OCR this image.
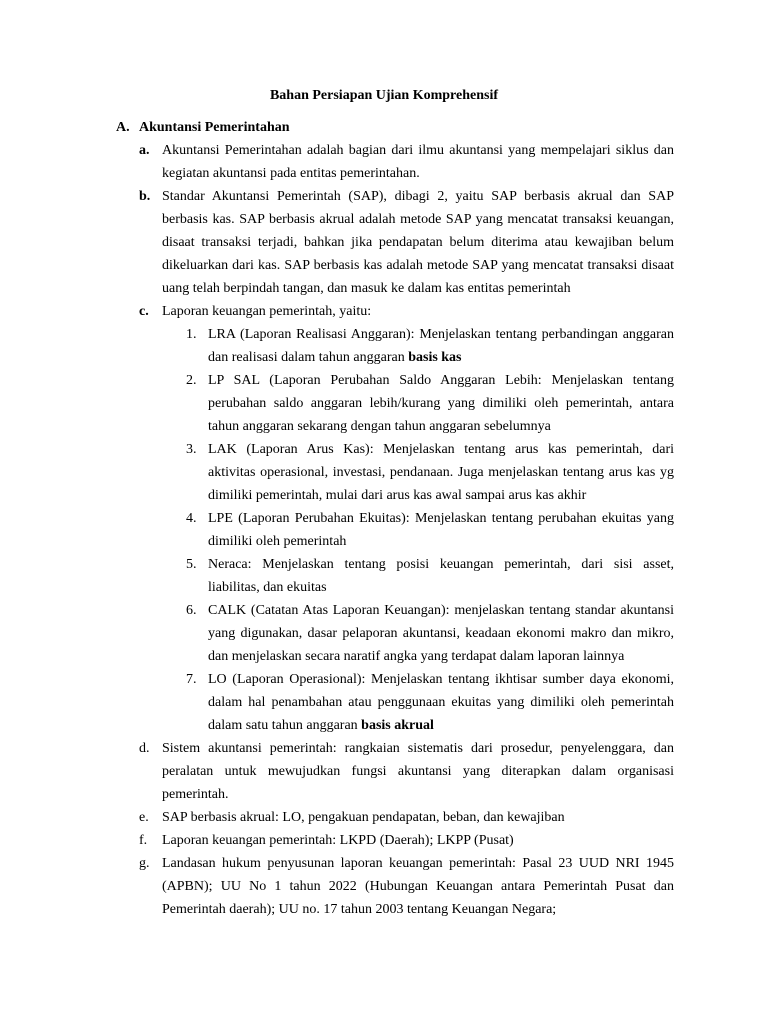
Bahan Persiapan Ujian Komprehensif
A. Akuntansi Pemerintahan
a. Akuntansi Pemerintahan adalah bagian dari ilmu akuntansi yang mempelajari siklus dan
kegiatan akuntansi pada entitas pemerintahan.
b. Standar Akuntansi Pemerintah (SAP), dibagi 2, yaitu SAP berbasis akrual dan SAP
berbasis kas. SAP berbasis akrual adalah metode SAP yang mencatat transaksi keuangan,
disaat transaksi terjadi, bahkan jika pendapatan belum diterima atau kewajiban belum
dikeluarkan dari kas. SAP berbasis kas adalah metode SAP yang mencatat transaksi disaat
uang telah berpindah tangan, dan masuk ke dalam kas entitas pemerintah
c. Laporan keuangan pemerintah, yaitu:
1. LRA (Laporan Realisasi Anggaran): Menjelaskan tentang perbandingan anggaran
dan realisasi dalam tahun anggaran basis kas
2. LP SAL (Laporan Perubahan Saldo Anggaran Lebih: Menjelaskan tentang
perubahan saldo anggaran lebih/kurang yang dimiliki oleh pemerintah, antara
tahun anggaran sekarang dengan tahun anggaran sebelumnya
3. LAK (Laporan Arus Kas): Menjelaskan tentang arus kas pemerintah, dari
aktivitas operasional, investasi, pendanaan. Juga menjelaskan tentang arus kas yg
dimiliki pemerintah, mulai dari arus kas awal sampai arus kas akhir
4. LPE (Laporan Perubahan Ekuitas): Menjelaskan tentang perubahan ekuitas yang
dimiliki oleh pemerintah
5. Neraca: Menjelaskan tentang posisi keuangan pemerintah, dari sisi asset,
liabilitas, dan ekuitas
6. CALK (Catatan Atas Laporan Keuangan): menjelaskan tentang standar akuntansi
yang digunakan, dasar pelaporan akuntansi, keadaan ekonomi makro dan mikro,
dan menjelaskan secara naratif angka yang terdapat dalam laporan lainnya
7. LO (Laporan Operasional): Menjelaskan tentang ikhtisar sumber daya ekonomi,
dalam hal penambahan atau penggunaan ekuitas yang dimiliki oleh pemerintah
dalam satu tahun anggaran basis akrual
d. Sistem akuntansi pemerintah: rangkaian sistematis dari prosedur, penyelenggara, dan
peralatan untuk mewujudkan fungsi akuntansi yang diterapkan dalam organisasi
pemerintah.
e. SAP berbasis akrual: LO, pengakuan pendapatan, beban, dan kewajiban
f. Laporan keuangan pemerintah: LKPD (Daerah); LKPP (Pusat)
g. Landasan hukum penyusunan laporan keuangan pemerintah: Pasal 23 UUD NRI 1945
(APBN); UU No 1 tahun 2022 (Hubungan Keuangan antara Pemerintah Pusat dan
Pemerintah daerah); UU no. 17 tahun 2003 tentang Keuangan Negara;
